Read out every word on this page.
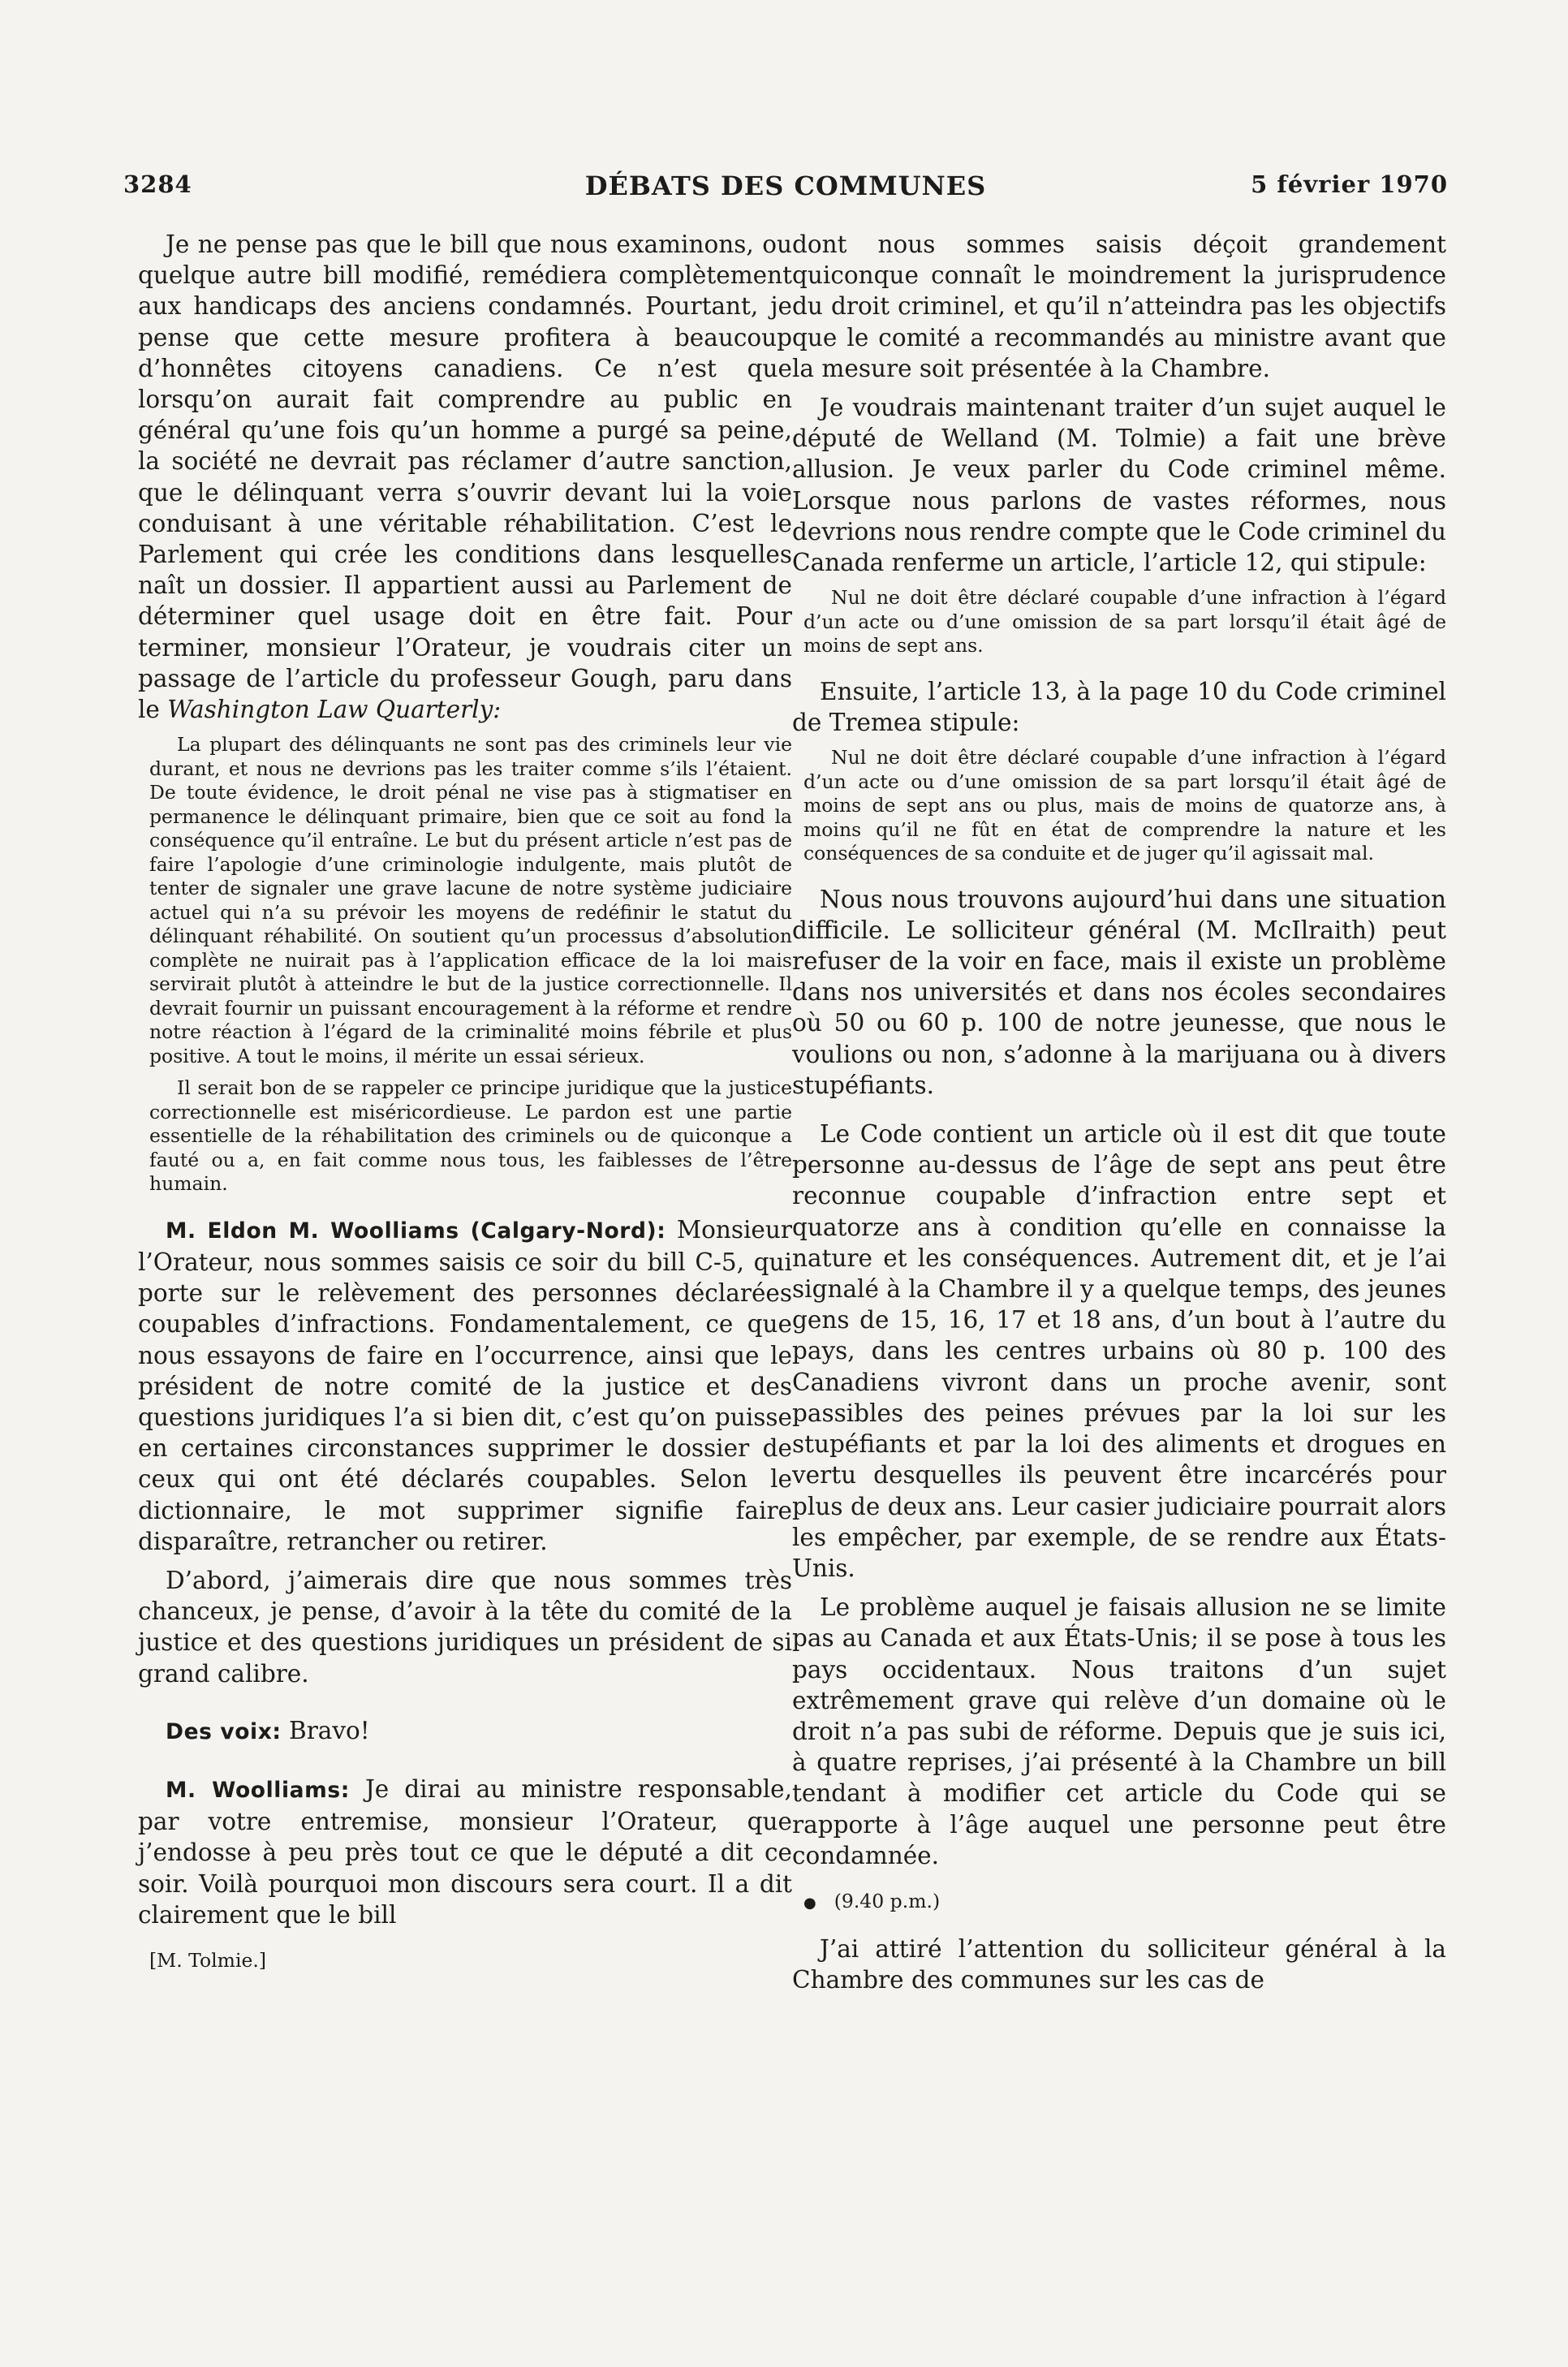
3284	DÉBATS DES COMMUNES	5 février 1970

Je ne pense pas que le bill que nous examinons, ou quelque autre bill modifié, remédiera complètement aux handicaps des anciens condamnés. Pourtant, je pense que cette mesure profitera à beaucoup d’honnêtes citoyens canadiens. Ce n’est que lorsqu’on aurait fait comprendre au public en général qu’une fois qu’un homme a purgé sa peine, la société ne devrait pas réclamer d’autre sanction, que le délinquant verra s’ouvrir devant lui la voie conduisant à une véritable réhabilitation. C’est le Parlement qui crée les conditions dans lesquelles naît un dossier. Il appartient aussi au Parlement de déterminer quel usage doit en être fait. Pour terminer, monsieur l’Orateur, je voudrais citer un passage de l’article du professeur Gough, paru dans le Washington Law Quarterly:

La plupart des délinquants ne sont pas des criminels leur vie durant, et nous ne devrions pas les traiter comme s’ils l’étaient. De toute évidence, le droit pénal ne vise pas à stigmatiser en permanence le délinquant primaire, bien que ce soit au fond la conséquence qu’il entraîne. Le but du présent article n’est pas de faire l’apologie d’une criminologie indulgente, mais plutôt de tenter de signaler une grave lacune de notre système judiciaire actuel qui n’a su prévoir les moyens de redéfinir le statut du délinquant réhabilité. On soutient qu’un processus d’absolution complète ne nuirait pas à l’application efficace de la loi mais servirait plutôt à atteindre le but de la justice correctionnelle. Il devrait fournir un puissant encouragement à la réforme et rendre notre réaction à l’égard de la criminalité moins fébrile et plus positive. A tout le moins, il mérite un essai sérieux.

Il serait bon de se rappeler ce principe juridique que la justice correctionnelle est miséricordieuse. Le pardon est une partie essentielle de la réhabilitation des criminels ou de quiconque a fauté ou a, en fait comme nous tous, les faiblesses de l’être humain.

M. Eldon M. Woolliams (Calgary-Nord): Monsieur l’Orateur, nous sommes saisis ce soir du bill C-5, qui porte sur le relèvement des personnes déclarées coupables d’infractions. Fondamentalement, ce que nous essayons de faire en l’occurrence, ainsi que le président de notre comité de la justice et des questions juridiques l’a si bien dit, c’est qu’on puisse en certaines circonstances supprimer le dossier de ceux qui ont été déclarés coupables. Selon le dictionnaire, le mot supprimer signifie faire disparaître, retrancher ou retirer.

D’abord, j’aimerais dire que nous sommes très chanceux, je pense, d’avoir à la tête du comité de la justice et des questions juridiques un président de si grand calibre.

Des voix: Bravo!

M. Woolliams: Je dirai au ministre responsable, par votre entremise, monsieur l’Orateur, que j’endosse à peu près tout ce que le député a dit ce soir. Voilà pourquoi mon discours sera court. Il a dit clairement que le bill

[M. Tolmie.]

dont nous sommes saisis déçoit grandement quiconque connaît le moindrement la jurisprudence du droit criminel, et qu’il n’atteindra pas les objectifs que le comité a recommandés au ministre avant que la mesure soit présentée à la Chambre.

Je voudrais maintenant traiter d’un sujet auquel le député de Welland (M. Tolmie) a fait une brève allusion. Je veux parler du Code criminel même. Lorsque nous parlons de vastes réformes, nous devrions nous rendre compte que le Code criminel du Canada renferme un article, l’article 12, qui stipule:

Nul ne doit être déclaré coupable d’une infraction à l’égard d’un acte ou d’une omission de sa part lorsqu’il était âgé de moins de sept ans.

Ensuite, l’article 13, à la page 10 du Code criminel de Tremea stipule:

Nul ne doit être déclaré coupable d’une infraction à l’égard d’un acte ou d’une omission de sa part lorsqu’il était âgé de moins de sept ans ou plus, mais de moins de quatorze ans, à moins qu’il ne fût en état de comprendre la nature et les conséquences de sa conduite et de juger qu’il agissait mal.

Nous nous trouvons aujourd’hui dans une situation difficile. Le solliciteur général (M. McIlraith) peut refuser de la voir en face, mais il existe un problème dans nos universités et dans nos écoles secondaires où 50 ou 60 p. 100 de notre jeunesse, que nous le voulions ou non, s’adonne à la marijuana ou à divers stupéfiants.

Le Code contient un article où il est dit que toute personne au-dessus de l’âge de sept ans peut être reconnue coupable d’infraction entre sept et quatorze ans à condition qu’elle en connaisse la nature et les conséquences. Autrement dit, et je l’ai signalé à la Chambre il y a quelque temps, des jeunes gens de 15, 16, 17 et 18 ans, d’un bout à l’autre du pays, dans les centres urbains où 80 p. 100 des Canadiens vivront dans un proche avenir, sont passibles des peines prévues par la loi sur les stupéfiants et par la loi des aliments et drogues en vertu desquelles ils peuvent être incarcérés pour plus de deux ans. Leur casier judiciaire pourrait alors les empêcher, par exemple, de se rendre aux États-Unis.

Le problème auquel je faisais allusion ne se limite pas au Canada et aux États-Unis; il se pose à tous les pays occidentaux. Nous traitons d’un sujet extrêmement grave qui relève d’un domaine où le droit n’a pas subi de réforme. Depuis que je suis ici, à quatre reprises, j’ai présenté à la Chambre un bill tendant à modifier cet article du Code qui se rapporte à l’âge auquel une personne peut être condamnée.

● (9.40 p.m.)

J’ai attiré l’attention du solliciteur général à la Chambre des communes sur les cas de
